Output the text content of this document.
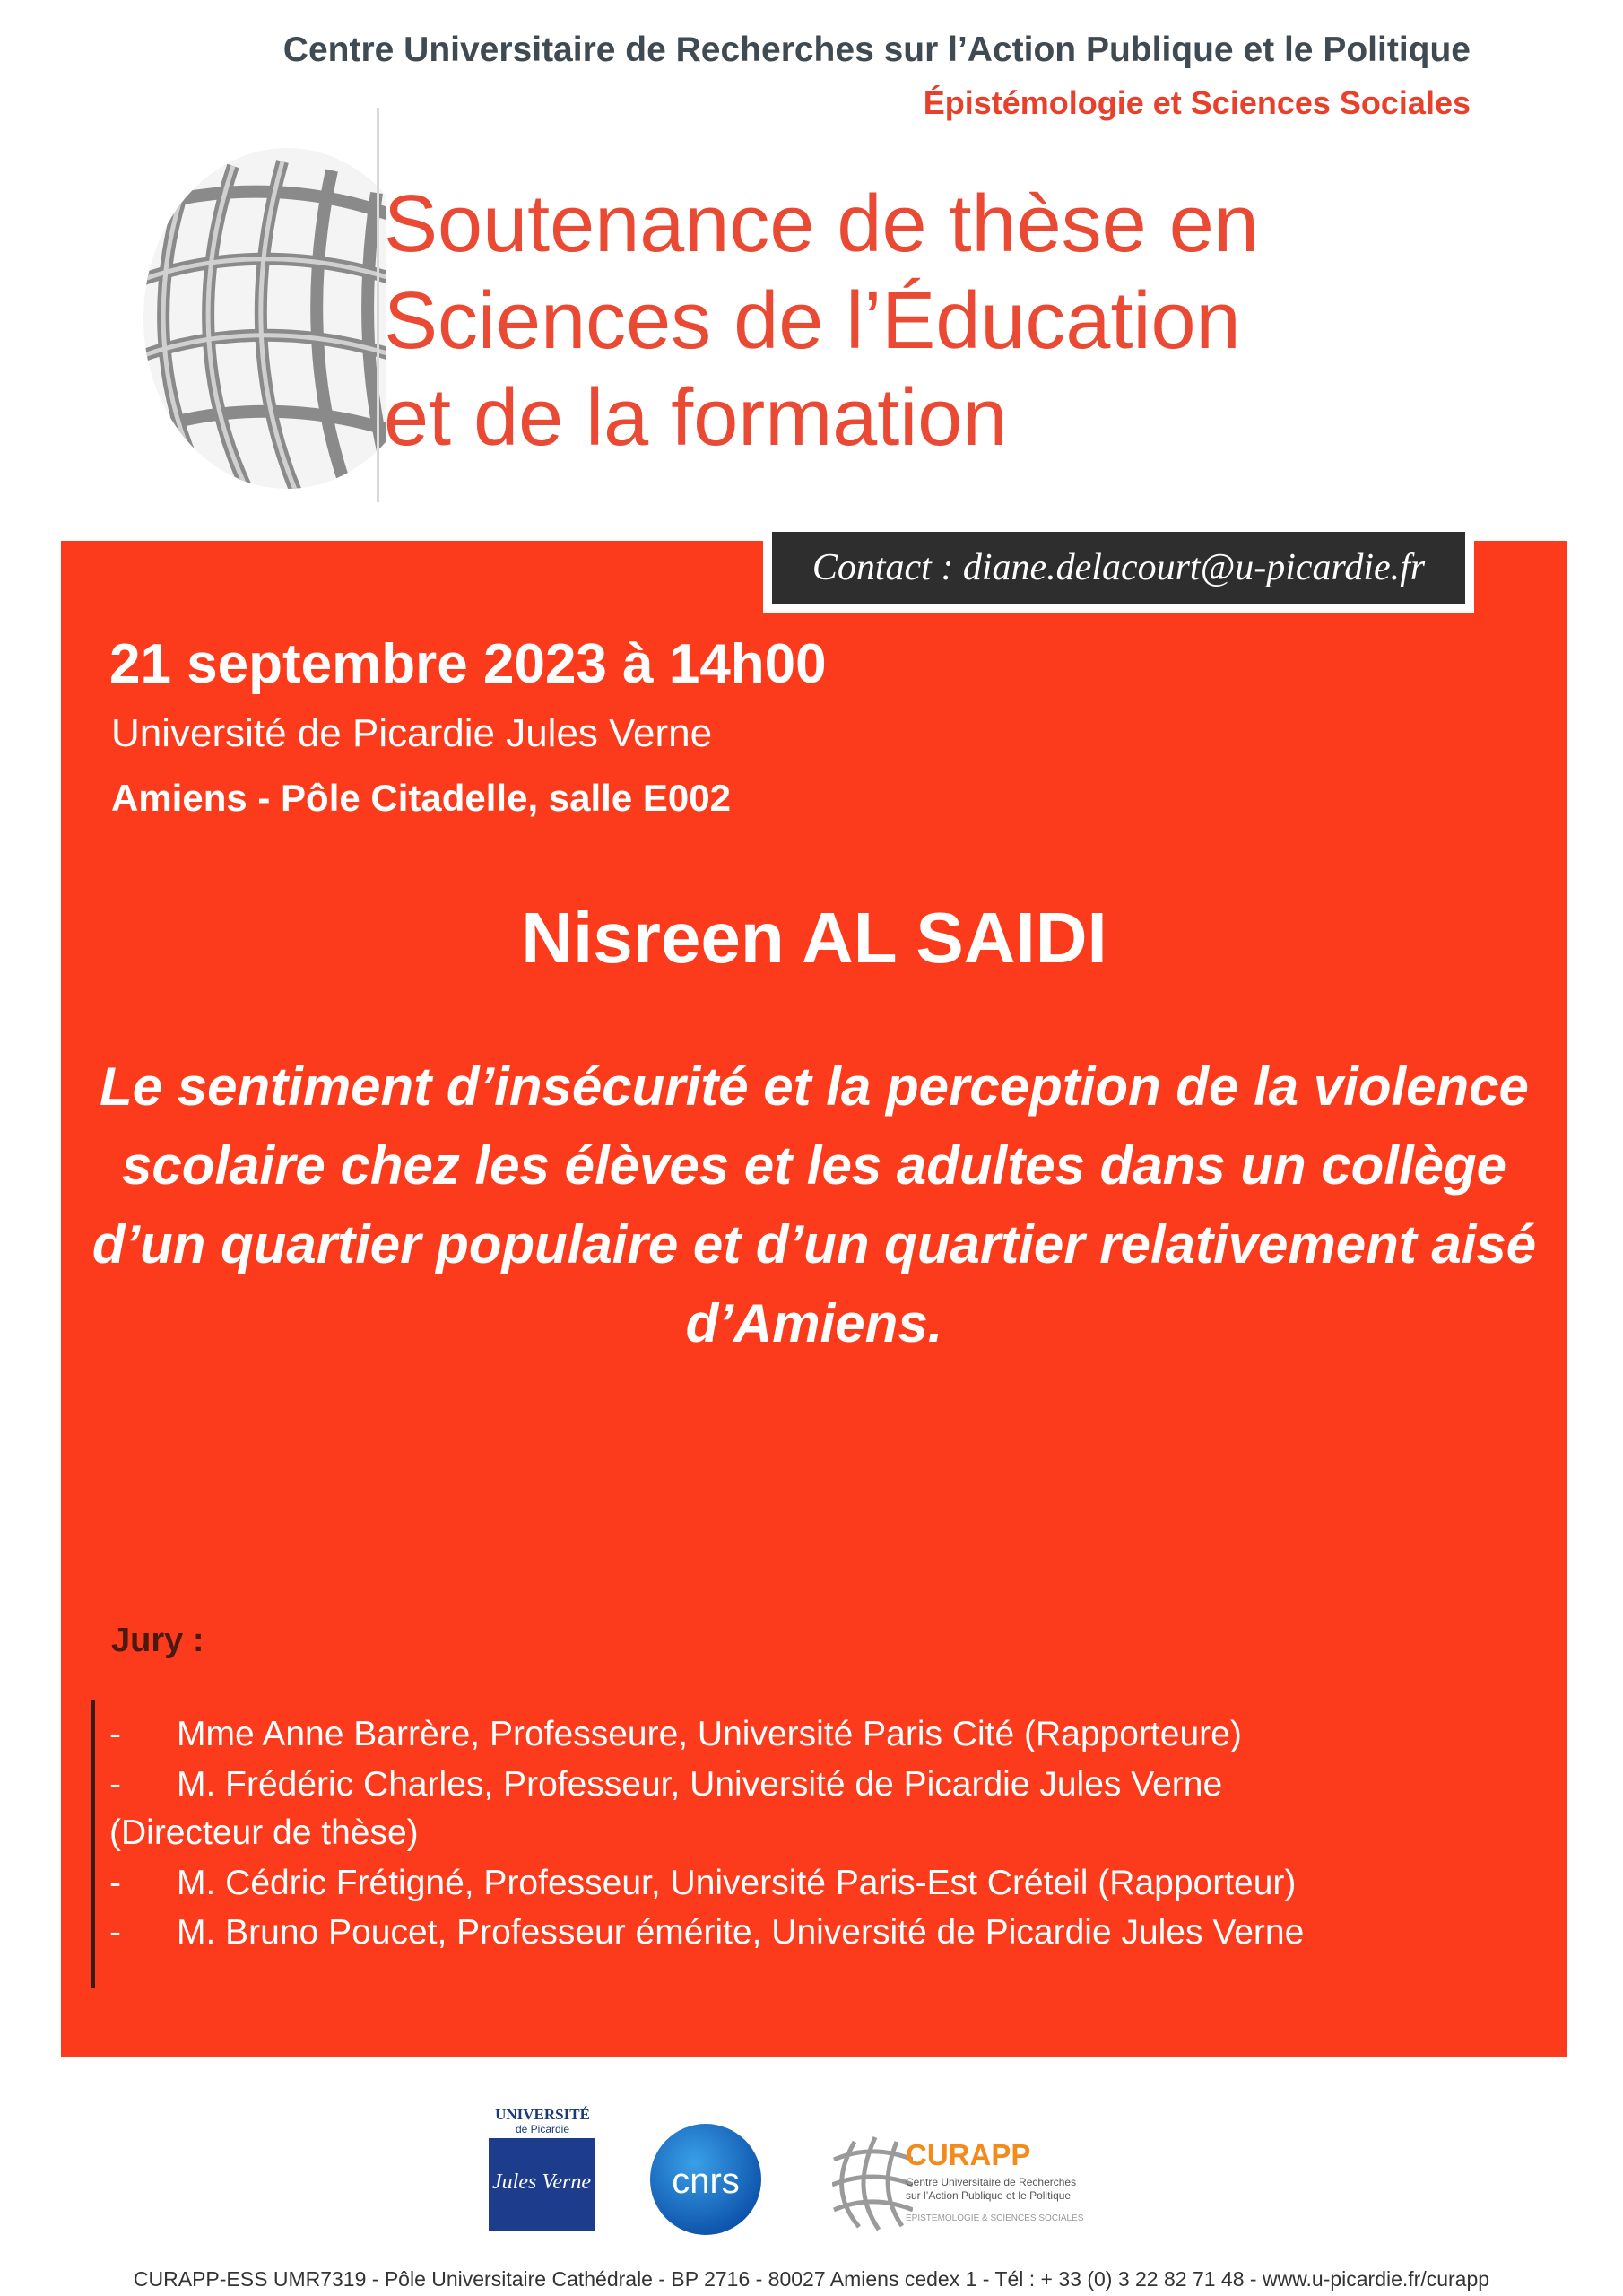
Centre Universitaire de Recherches sur l’Action Publique et le Politique
Épistémologie et Sciences Sociales
Soutenance de thèse en
Sciences de l’Éducation
et de la formation
Contact : diane.delacourt@u-picardie.fr
21 septembre 2023 à 14h00
Université de Picardie Jules Verne
Amiens - Pôle Citadelle, salle E002
Nisreen AL SAIDI
Le sentiment d’insécurité et la perception de la violence scolaire chez les élèves et les adultes dans un collège d’un quartier populaire et d’un quartier relativement aisé d’Amiens.
Jury :
- Mme Anne Barrère, Professeure, Université Paris Cité (Rapporteure)
- M. Frédéric Charles, Professeur, Université de Picardie Jules Verne
(Directeur de thèse)
- M. Cédric Frétigné, Professeur, Université Paris-Est Créteil (Rapporteur)
- M. Bruno Poucet, Professeur émérite, Université de Picardie Jules Verne
UNIVERSITÉ
de Picardie
Jules Verne cnrs
CURAPP
Centre Universitaire de Recherches
sur l’Action Publique et le Politique
ÉPISTÉMOLOGIE & SCIENCES SOCIALES
CURAPP-ESS UMR7319 - Pôle Universitaire Cathédrale - BP 2716 - 80027 Amiens cedex 1 - Tél : + 33 (0) 3 22 82 71 48 - www.u-picardie.fr/curapp
